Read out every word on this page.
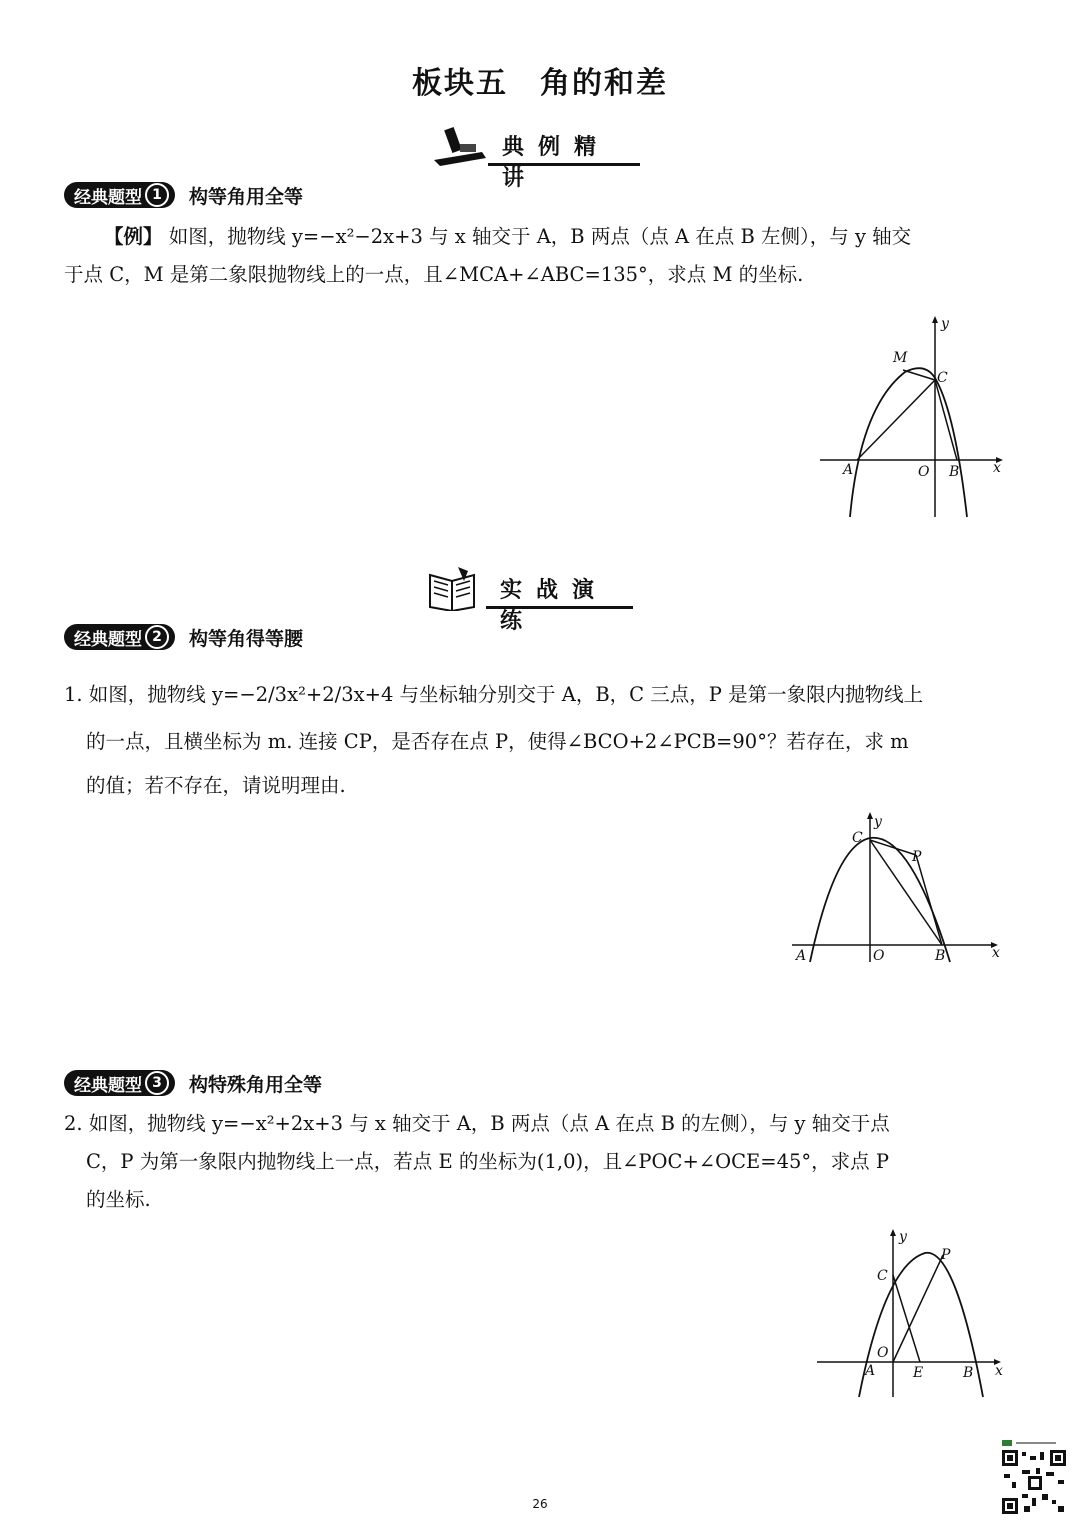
板块五　角的和差
典例精讲
经典题型 1	构等角用全等
【例】 如图，抛物线 y=−x²−2x+3 与 x 轴交于 A，B 两点（点 A 在点 B 左侧），与 y 轴交
于点 C，M 是第二象限抛物线上的一点，且∠MCA+∠ABC=135°，求点 M 的坐标.
y
M
C
A	O B x
实战演练
经典题型 2	构等角得等腰
1. 如图，抛物线 y=−2/3x²+2/3x+4 与坐标轴分别交于 A，B，C 三点，P 是第一象限内抛物线上
的一点，且横坐标为 m. 连接 CP，是否存在点 P，使得∠BCO+2∠PCB=90°？若存在，求 m
的值；若不存在，请说明理由.
C
y
P
A	O	B	x
经典题型 3	构特殊角用全等
2. 如图，抛物线 y=−x²+2x+3 与 x 轴交于 A，B 两点（点 A 在点 B 的左侧），与 y 轴交于点
C，P 为第一象限内抛物线上一点，若点 E 的坐标为(1,0)，且∠POC+∠OCE=45°，求点 P
的坐标.
y
P
C
O
A	E	B x
26
